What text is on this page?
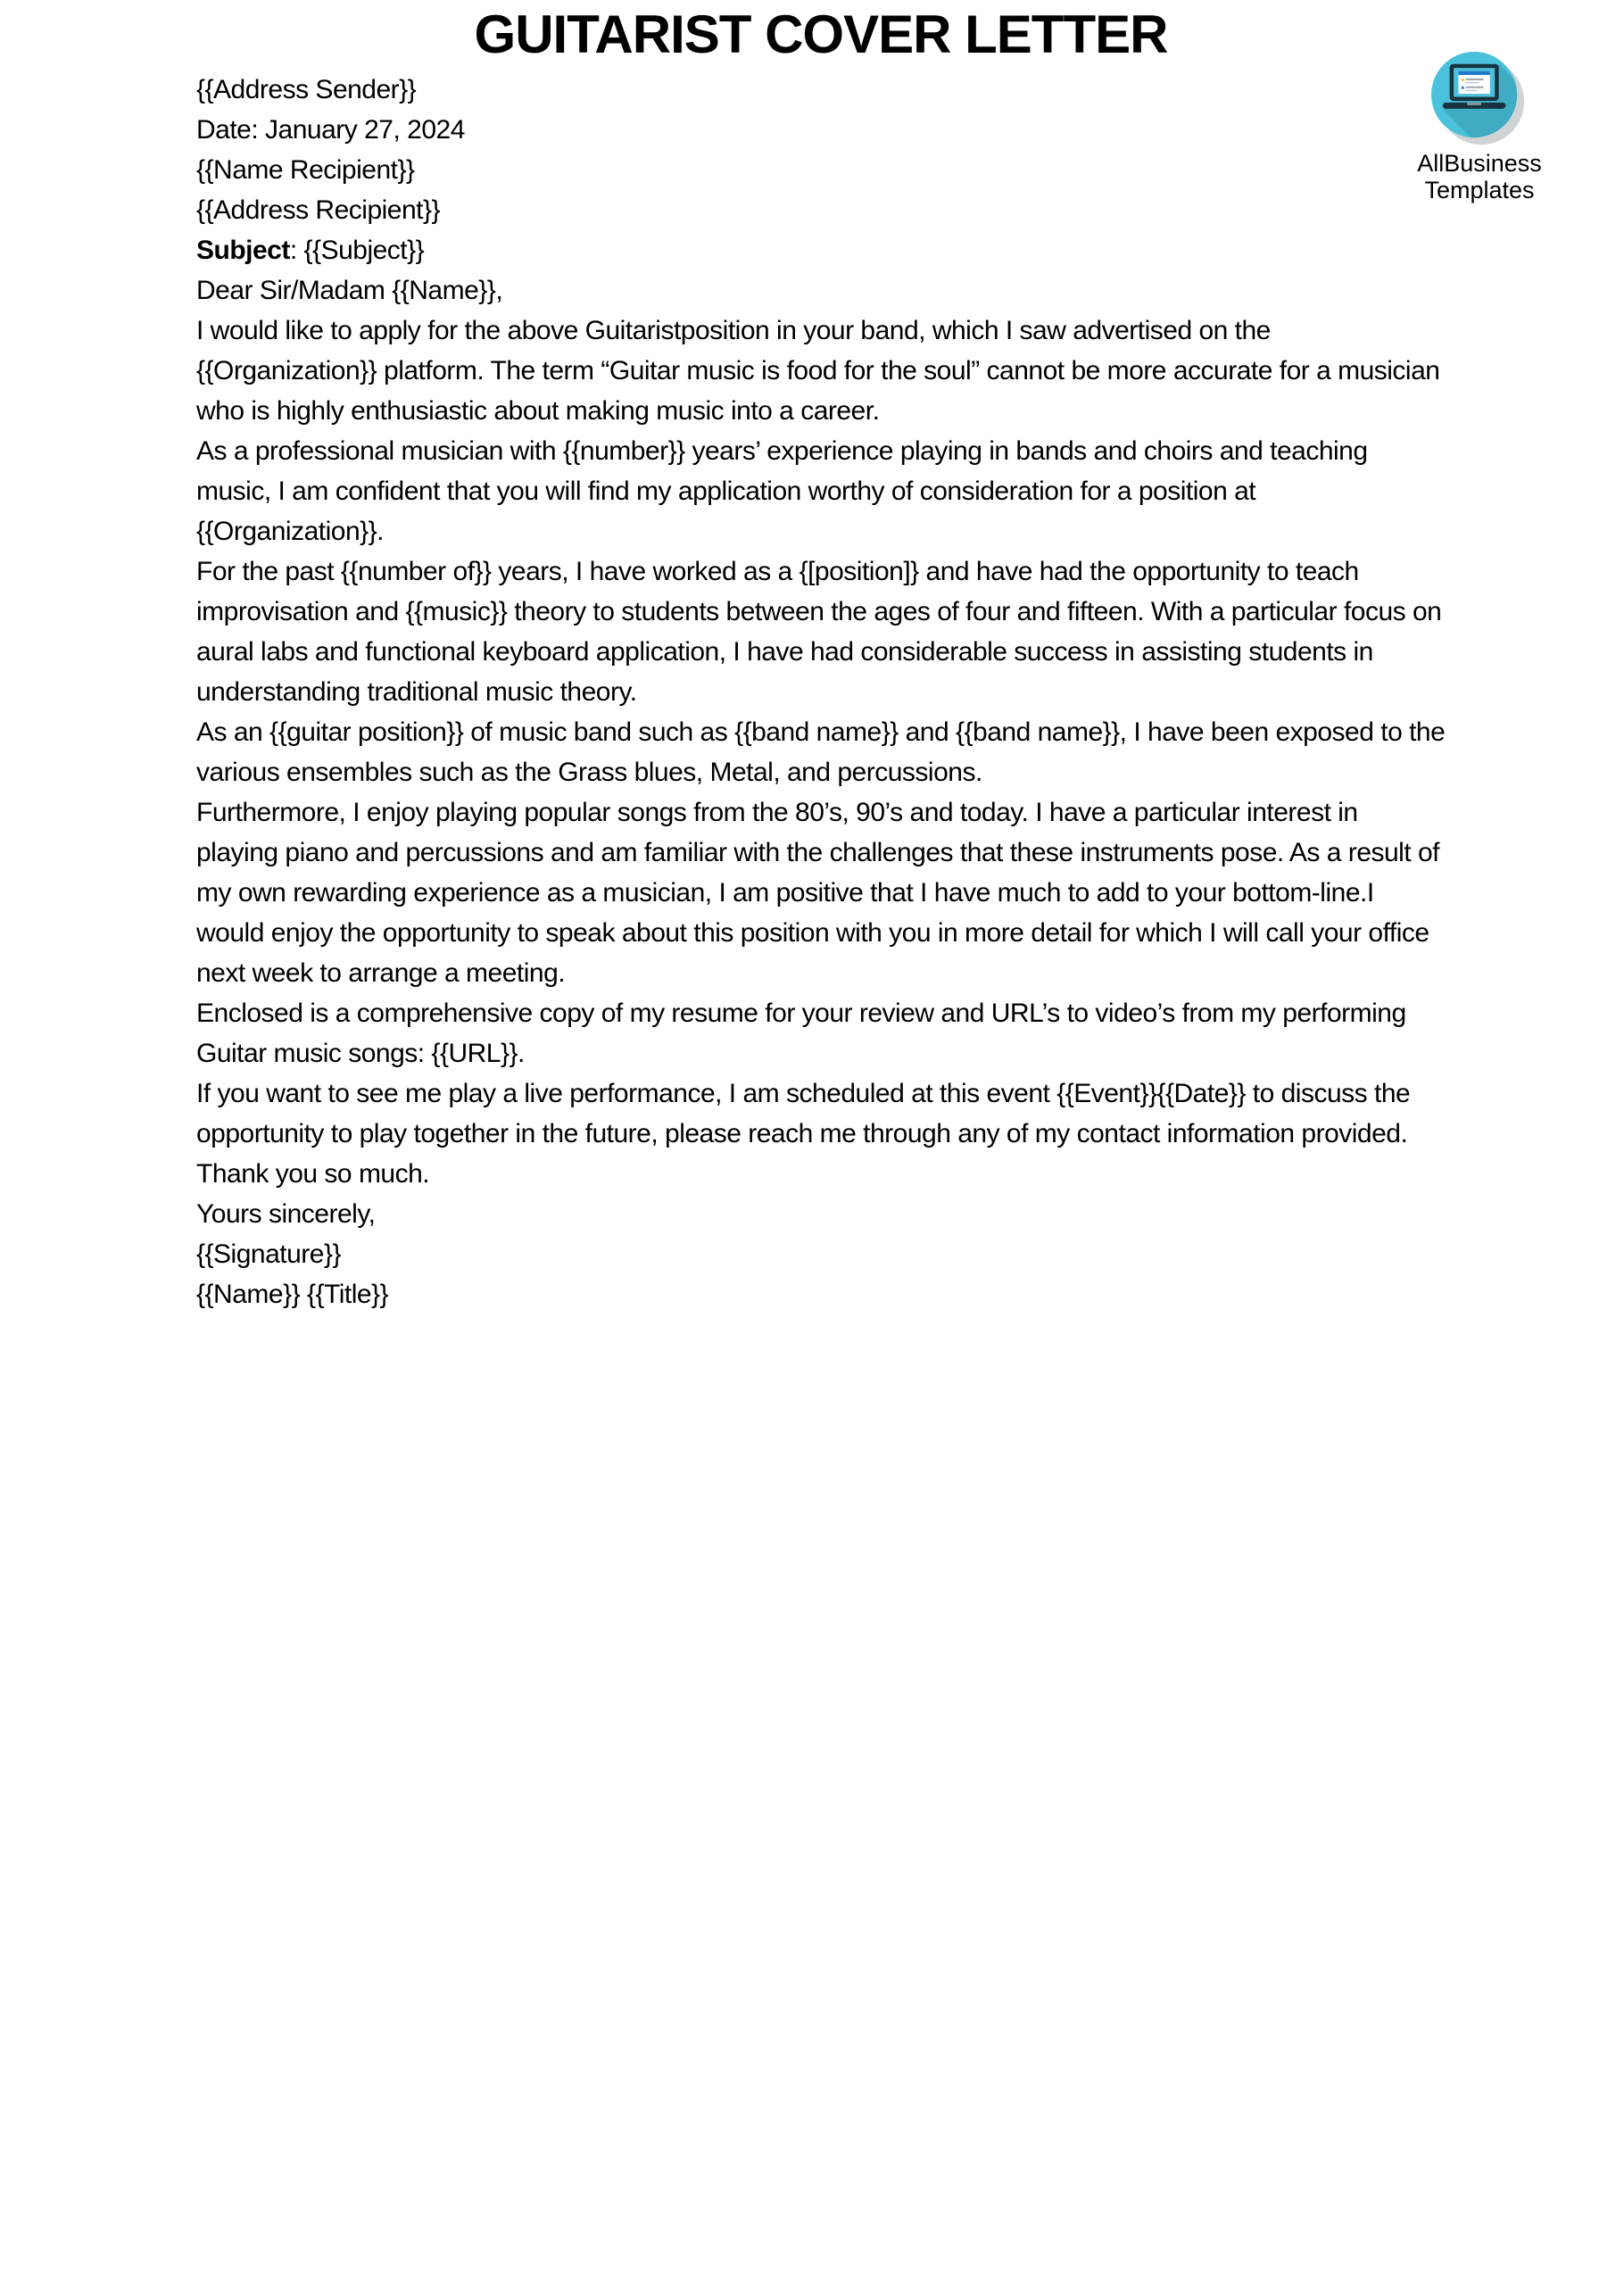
AllBusiness
Templates
GUITARIST COVER LETTER

{{Address Sender}}

Date: January 27, 2024

{{Name Recipient}}
{{Address Recipient}}

Subject: {{Subject}}

Dear Sir/Madam {{Name}},

I would like to apply for the above Guitaristposition in your band, which I saw advertised on the {{Organization}} platform. The term “Guitar music is food for the soul” cannot be more accurate for a musician who is highly enthusiastic about making music into a career.

As a professional musician with {{number}} years’ experience playing in bands and choirs and teaching music, I am confident that you will find my application worthy of consideration for a position at {{Organization}}.

For the past {{number of}} years, I have worked as a {[position]} and have had the opportunity to teach improvisation and {{music}} theory to students between the ages of four and fifteen. With a particular focus on aural labs and functional keyboard application, I have had considerable success in assisting students in understanding traditional music theory.

As an {{guitar position}} of music band such as {{band name}} and {{band name}}, I have been exposed to the various ensembles such as the Grass blues, Metal, and percussions.

Furthermore, I enjoy playing popular songs from the 80’s, 90’s and today. I have a particular interest in playing piano and percussions and am familiar with the challenges that these instruments pose. As a result of my own rewarding experience as a musician, I am positive that I have much to add to your bottom-line.I would enjoy the opportunity to speak about this position with you in more detail for which I will call your office next week to arrange a meeting.

Enclosed is a comprehensive copy of my resume for your review and URL’s to video’s from my performing Guitar music songs: {{URL}}.

If you want to see me play a live performance, I am scheduled at this event {{Event}}{{Date}} to discuss the opportunity to play together in the future, please reach me through any of my contact information provided. Thank you so much.

Yours sincerely,
{{Signature}}
{{Name}} {{Title}}
